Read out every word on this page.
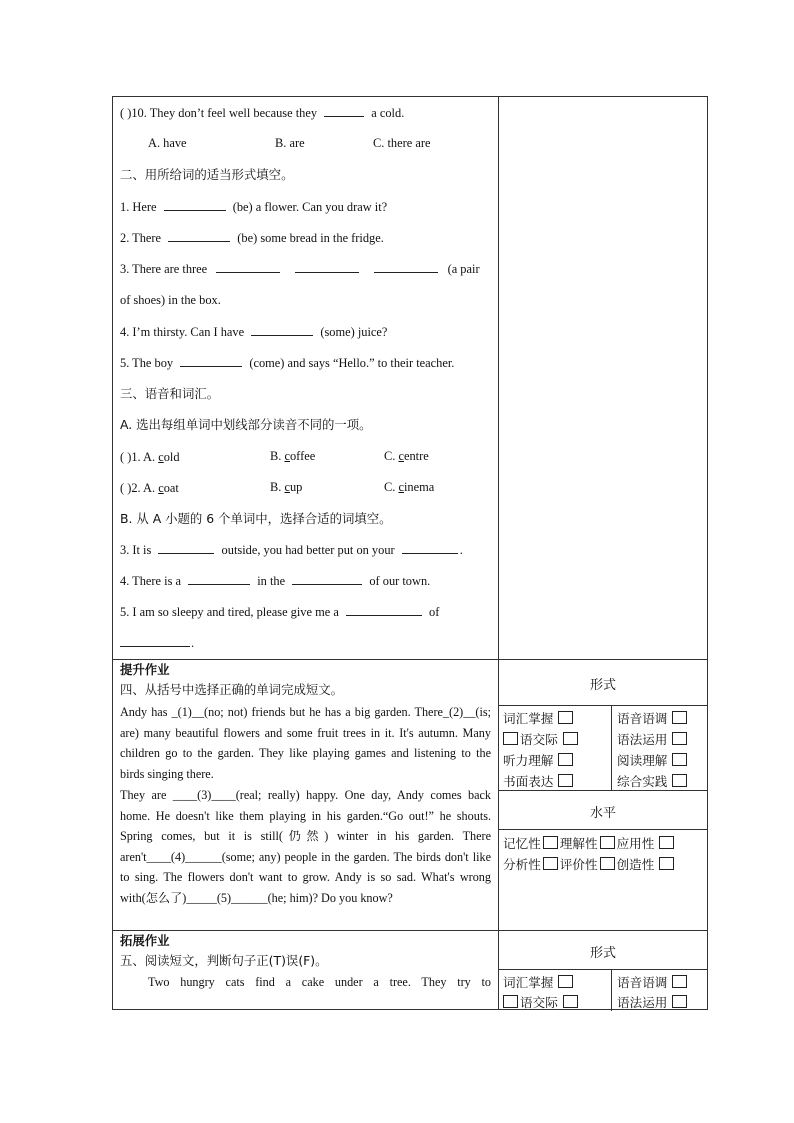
( )10. They don’t feel well because they	a cold.
A. have	B. are	C. there are
二、用所给词的适当形式填空。
1. Here	(be) a flower. Can you draw it?
2. There	(be) some bread in the fridge.
3. There are three	(a pair
of shoes) in the box.
4. I’m thirsty. Can I have	(some) juice?
5. The boy	(come) and says “Hello.” to their teacher.
三、语音和词汇。
A. 选出每组单词中划线部分读音不同的一项。
( )1. A. cold	B. coffee	C. centre
( )2. A. coat	B. cup	C. cinema
B. 从 A 小题的 6 个单词中，选择合适的词填空。
3. It is	outside, you had better put on your	.
4. There is a	in the	of our town.
5. I am so sleepy and tired, please give me a	of
.
提升作业
四、从括号中选择正确的单词完成短文。
Andy has _(1)__(no; not) friends but he has a big garden. There_(2)__(is; are) many beautiful flowers and some fruit trees in it. It's autumn. Many children go to the garden. They like playing games and listening to the birds singing there.
They are ____(3)____(real; really) happy. One day, Andy comes back home. He doesn't like them playing in his garden.“Go out!” he shouts. Spring comes, but it is still(仍然) winter in his garden. There aren't____(4)______(some; any) people in the garden. The birds don't like to sing. The flowers don't want to grow. Andy is so sad. What's wrong with(怎么了)_____(5)______(he; him)? Do you know?
拓展作业
五、阅读短文，判断句子正(T)误(F)。
Two hungry cats find a cake under a tree. They try to
形式
词汇掌握	语音语调
语交际	语法运用
听力理解	阅读理解
书面表达	综合实践
水平
记忆性 理解性 应用性
分析性 评价性 创造性
形式
词汇掌握	语音语调
语交际	语法运用
